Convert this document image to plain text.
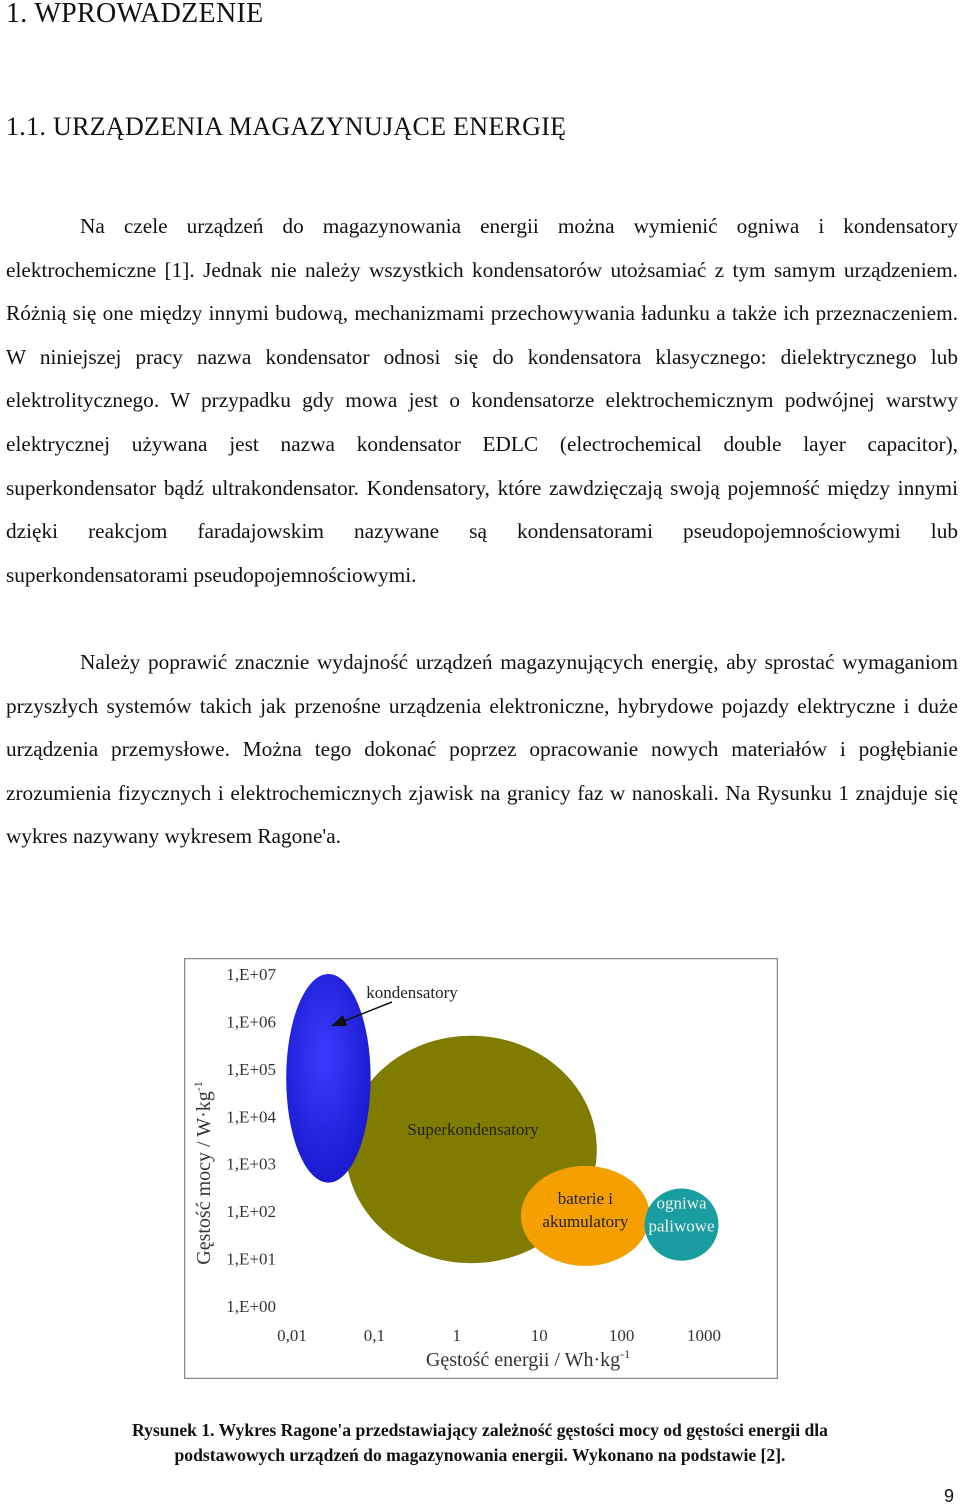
1. WPROWADZENIE
1.1. URZĄDZENIA MAGAZYNUJĄCE ENERGIĘ

Na czele urządzeń do magazynowania energii można wymienić ogniwa i kondensatory elektrochemiczne [1]. Jednak nie należy wszystkich kondensatorów utożsamiać z tym samym urządzeniem. Różnią się one między innymi budową, mechanizmami przechowywania ładunku a także ich przeznaczeniem. W niniejszej pracy nazwa kondensator odnosi się do kondensatora klasycznego: dielektrycznego lub elektrolitycznego. W przypadku gdy mowa jest o kondensatorze elektrochemicznym podwójnej warstwy elektrycznej używana jest nazwa kondensator EDLC (electrochemical double layer capacitor), superkondensator bądź ultrakondensator. Kondensatory, które zawdzięczają swoją pojemność między innymi dzięki reakcjom faradajowskim nazywane są kondensatorami pseudopojemnościowymi lub superkondensatorami pseudopojemnościowymi.

Należy poprawić znacznie wydajność urządzeń magazynujących energię, aby sprostać wymaganiom przyszłych systemów takich jak przenośne urządzenia elektroniczne, hybrydowe pojazdy elektryczne i duże urządzenia przemysłowe. Można tego dokonać poprzez opracowanie nowych materiałów i pogłębianie zrozumienia fizycznych i elektrochemicznych zjawisk na granicy faz w nanoskali. Na Rysunku 1 znajduje się wykres nazywany wykresem Ragone'a.

Gęstość mocy / $W\cdot kg^{-1}$
Gęstość energii / $Wh\cdot kg^{-1}$
0,01	0,1	1	10	100	1000
1,E+00
1,E+01
1,E+02
1,E+03
1,E+04
1,E+05
1,E+06
1,E+07
Superkondensatory
kondensatory
baterie i
akumulatory
ogniwa
paliwowe
Rysunek 1. Wykres Ragone'a przedstawiający zależność gęstości mocy od gęstości energii dla
podstawowych urządzeń do magazynowania energii. Wykonano na podstawie [2].
9
